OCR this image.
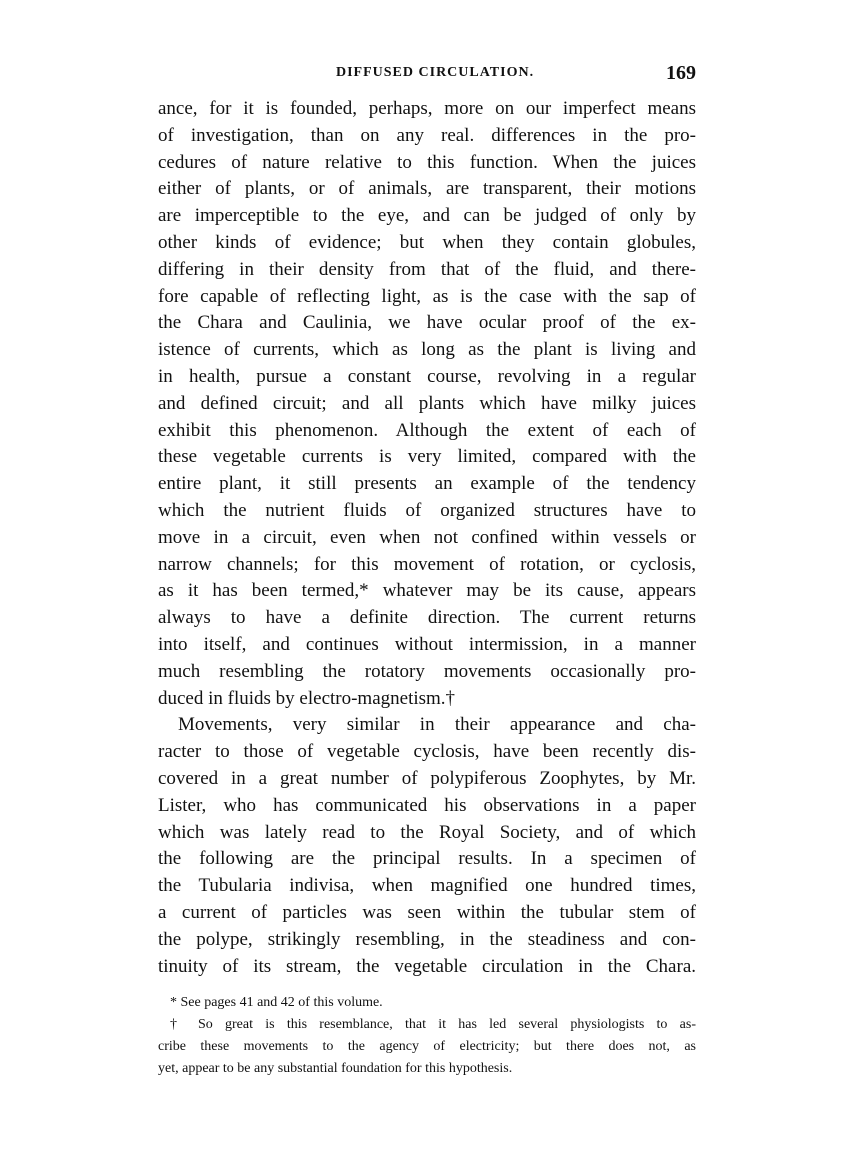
DIFFUSED CIRCULATION.	169
ance, for it is founded, perhaps, more on our imperfect means
of investigation, than on any real. differences in the pro-
cedures of nature relative to this function. When the juices
either of plants, or of animals, are transparent, their motions
are imperceptible to the eye, and can be judged of only by
other kinds of evidence; but when they contain globules,
differing in their density from that of the fluid, and there-
fore capable of reflecting light, as is the case with the sap of
the Chara and Caulinia, we have ocular proof of the ex-
istence of currents, which as long as the plant is living and
in health, pursue a constant course, revolving in a regular
and defined circuit; and all plants which have milky juices
exhibit this phenomenon. Although the extent of each of
these vegetable currents is very limited, compared with the
entire plant, it still presents an example of the tendency
which the nutrient fluids of organized structures have to
move in a circuit, even when not confined within vessels or
narrow channels; for this movement of rotation, or cyclosis,
as it has been termed,* whatever may be its cause, appears
always to have a definite direction. The current returns
into itself, and continues without intermission, in a manner
much resembling the rotatory movements occasionally pro-
duced in fluids by electro-magnetism.†
Movements, very similar in their appearance and cha-
racter to those of vegetable cyclosis, have been recently dis-
covered in a great number of polypiferous Zoophytes, by Mr.
Lister, who has communicated his observations in a paper
which was lately read to the Royal Society, and of which
the following are the principal results. In a specimen of
the Tubularia indivisa, when magnified one hundred times,
a current of particles was seen within the tubular stem of
the polype, strikingly resembling, in the steadiness and con-
tinuity of its stream, the vegetable circulation in the Chara.
* See pages 41 and 42 of this volume.
† So great is this resemblance, that it has led several physiologists to as-
cribe these movements to the agency of electricity; but there does not, as
yet, appear to be any substantial foundation for this hypothesis.
